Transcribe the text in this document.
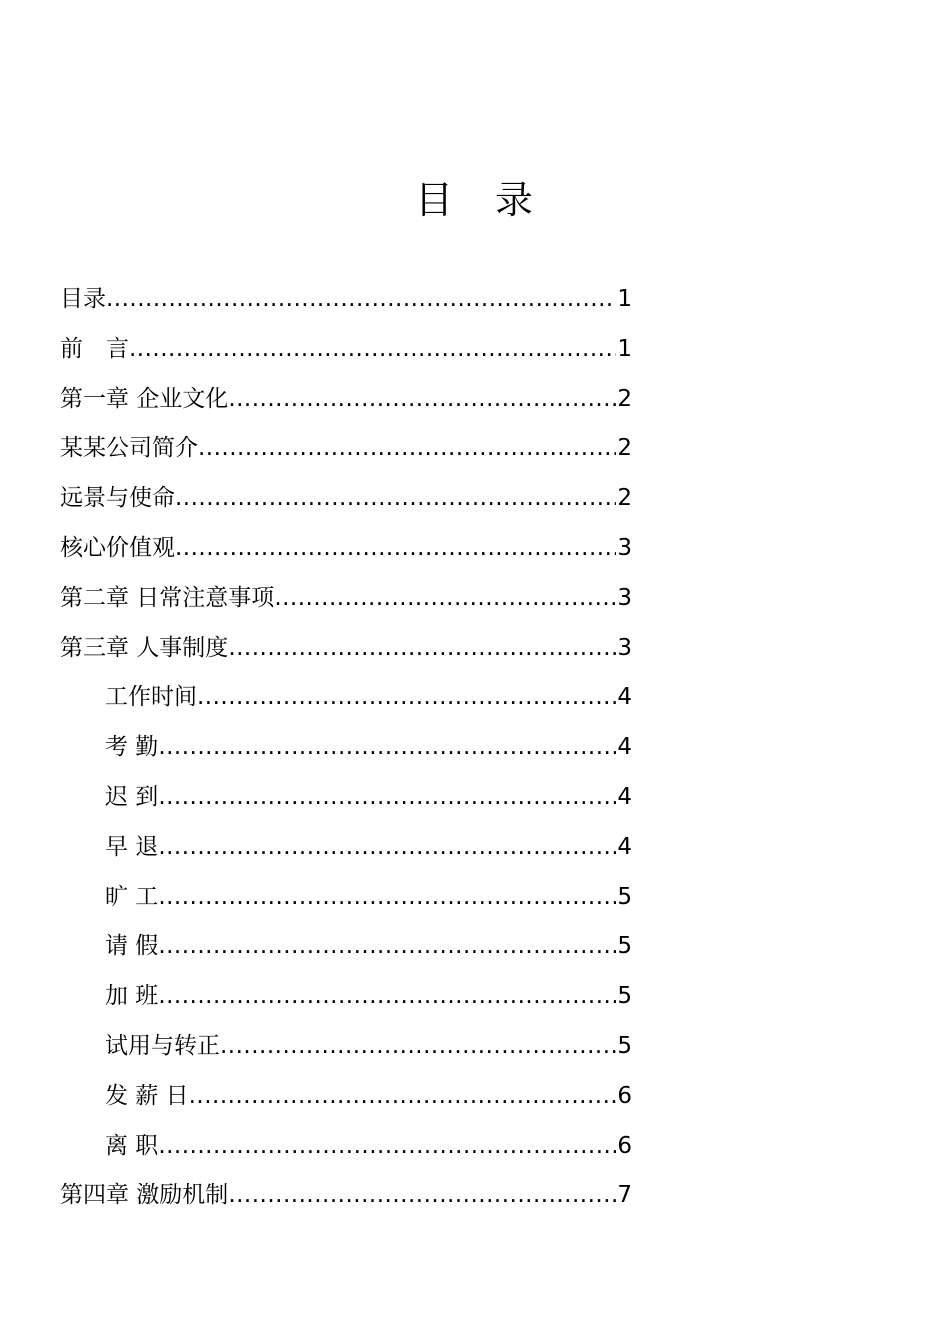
目　录
目录 .....	1
前　言 .....	1
第一章 企业文化 .....	2
某某公司简介 .....	2
远景与使命 .....	2
核心价值观 .....	3
第二章 日常注意事项 .....	3
第三章 人事制度 .....	3
工作时间 .....	4
考 勤 .....	4
迟 到 .....	4
早 退 .....	4
旷 工 .....	5
请 假 .....	5
加 班 .....	5
试用与转正 .....	5
发 薪 日 .....	6
离 职 .....	6
第四章 激励机制 .....	7
